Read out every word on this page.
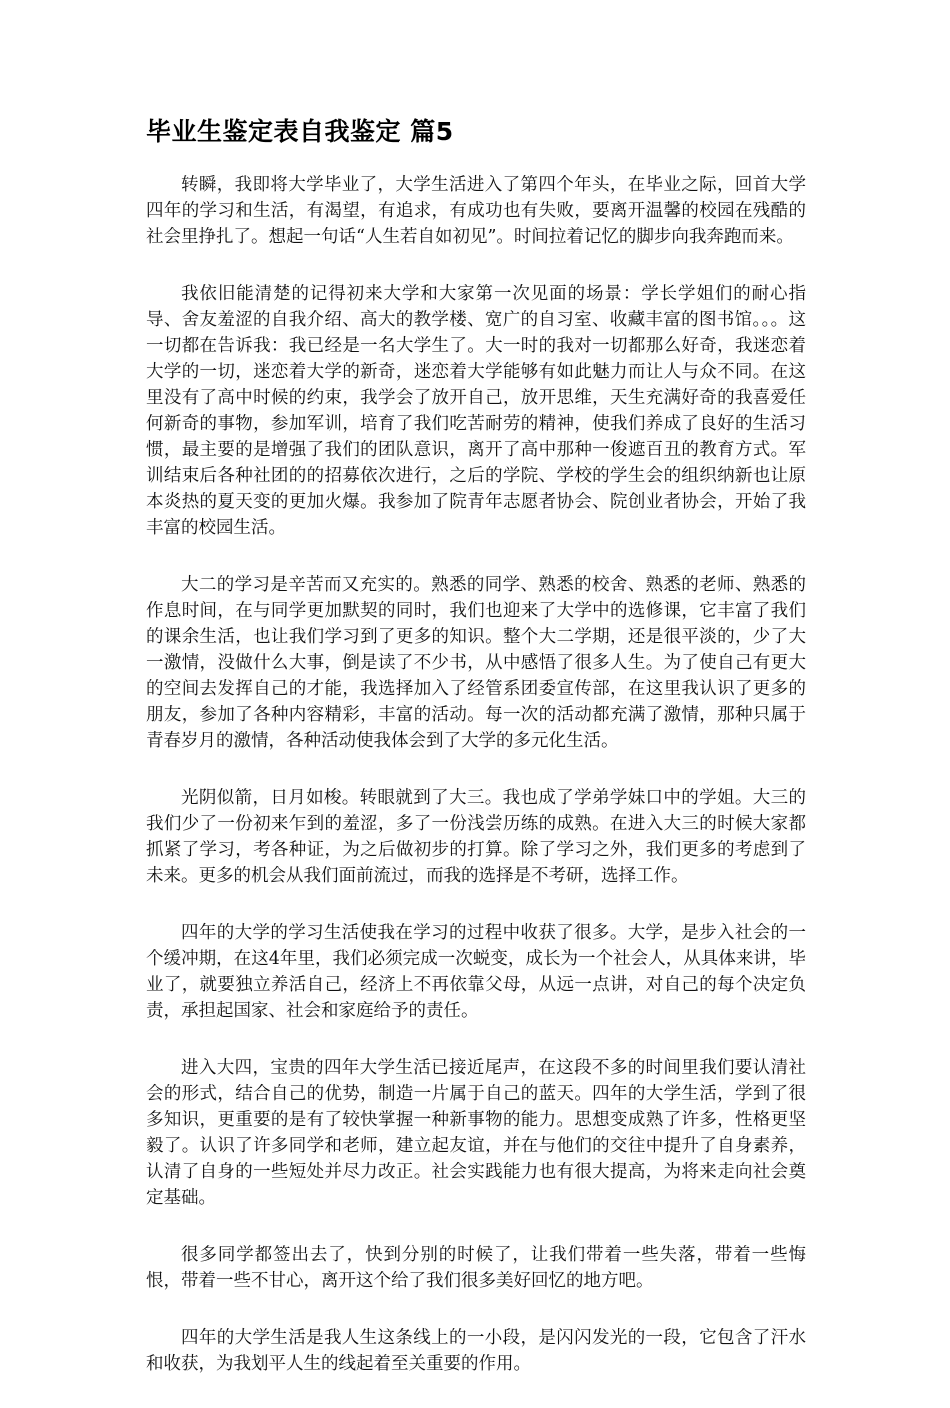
毕业生鉴定表自我鉴定 篇5

转瞬，我即将大学毕业了，大学生活进入了第四个年头，在毕业之际，回首大学四年的学习和生活，有渴望，有追求，有成功也有失败，要离开温馨的校园在残酷的社会里挣扎了。想起一句话“人生若自如初见”。时间拉着记忆的脚步向我奔跑而来。

我依旧能清楚的记得初来大学和大家第一次见面的场景：学长学姐们的耐心指导、舍友羞涩的自我介绍、高大的教学楼、宽广的自习室、收藏丰富的图书馆。。。这一切都在告诉我：我已经是一名大学生了。大一时的我对一切都那么好奇，我迷恋着大学的一切，迷恋着大学的新奇，迷恋着大学能够有如此魅力而让人与众不同。在这里没有了高中时候的约束，我学会了放开自己，放开思维，天生充满好奇的我喜爱任何新奇的事物，参加军训，培育了我们吃苦耐劳的精神，使我们养成了良好的生活习惯，最主要的是增强了我们的团队意识，离开了高中那种一俊遮百丑的教育方式。军训结束后各种社团的的招募依次进行，之后的学院、学校的学生会的组织纳新也让原本炎热的夏天变的更加火爆。我参加了院青年志愿者协会、院创业者协会，开始了我丰富的校园生活。

大二的学习是辛苦而又充实的。熟悉的同学、熟悉的校舍、熟悉的老师、熟悉的作息时间，在与同学更加默契的同时，我们也迎来了大学中的选修课，它丰富了我们的课余生活，也让我们学习到了更多的知识。整个大二学期，还是很平淡的，少了大一激情，没做什么大事，倒是读了不少书，从中感悟了很多人生。为了使自己有更大的空间去发挥自己的才能，我选择加入了经管系团委宣传部，在这里我认识了更多的朋友，参加了各种内容精彩，丰富的活动。每一次的活动都充满了激情，那种只属于青春岁月的激情，各种活动使我体会到了大学的多元化生活。

光阴似箭，日月如梭。转眼就到了大三。我也成了学弟学妹口中的学姐。大三的我们少了一份初来乍到的羞涩，多了一份浅尝历练的成熟。在进入大三的时候大家都抓紧了学习，考各种证，为之后做初步的打算。除了学习之外，我们更多的考虑到了未来。更多的机会从我们面前流过，而我的选择是不考研，选择工作。

四年的大学的学习生活使我在学习的过程中收获了很多。大学，是步入社会的一个缓冲期，在这4年里，我们必须完成一次蜕变，成长为一个社会人，从具体来讲，毕业了，就要独立养活自己，经济上不再依靠父母，从远一点讲，对自己的每个决定负责，承担起国家、社会和家庭给予的责任。

进入大四，宝贵的四年大学生活已接近尾声，在这段不多的时间里我们要认清社会的形式，结合自己的优势，制造一片属于自己的蓝天。四年的大学生活，学到了很多知识，更重要的是有了较快掌握一种新事物的能力。思想变成熟了许多，性格更坚毅了。认识了许多同学和老师，建立起友谊，并在与他们的交往中提升了自身素养，认清了自身的一些短处并尽力改正。社会实践能力也有很大提高，为将来走向社会奠定基础。

很多同学都签出去了，快到分别的时候了，让我们带着一些失落，带着一些悔恨，带着一些不甘心，离开这个给了我们很多美好回忆的地方吧。

四年的大学生活是我人生这条线上的一小段，是闪闪发光的一段，它包含了汗水和收获，为我划平人生的线起着至关重要的作用。
